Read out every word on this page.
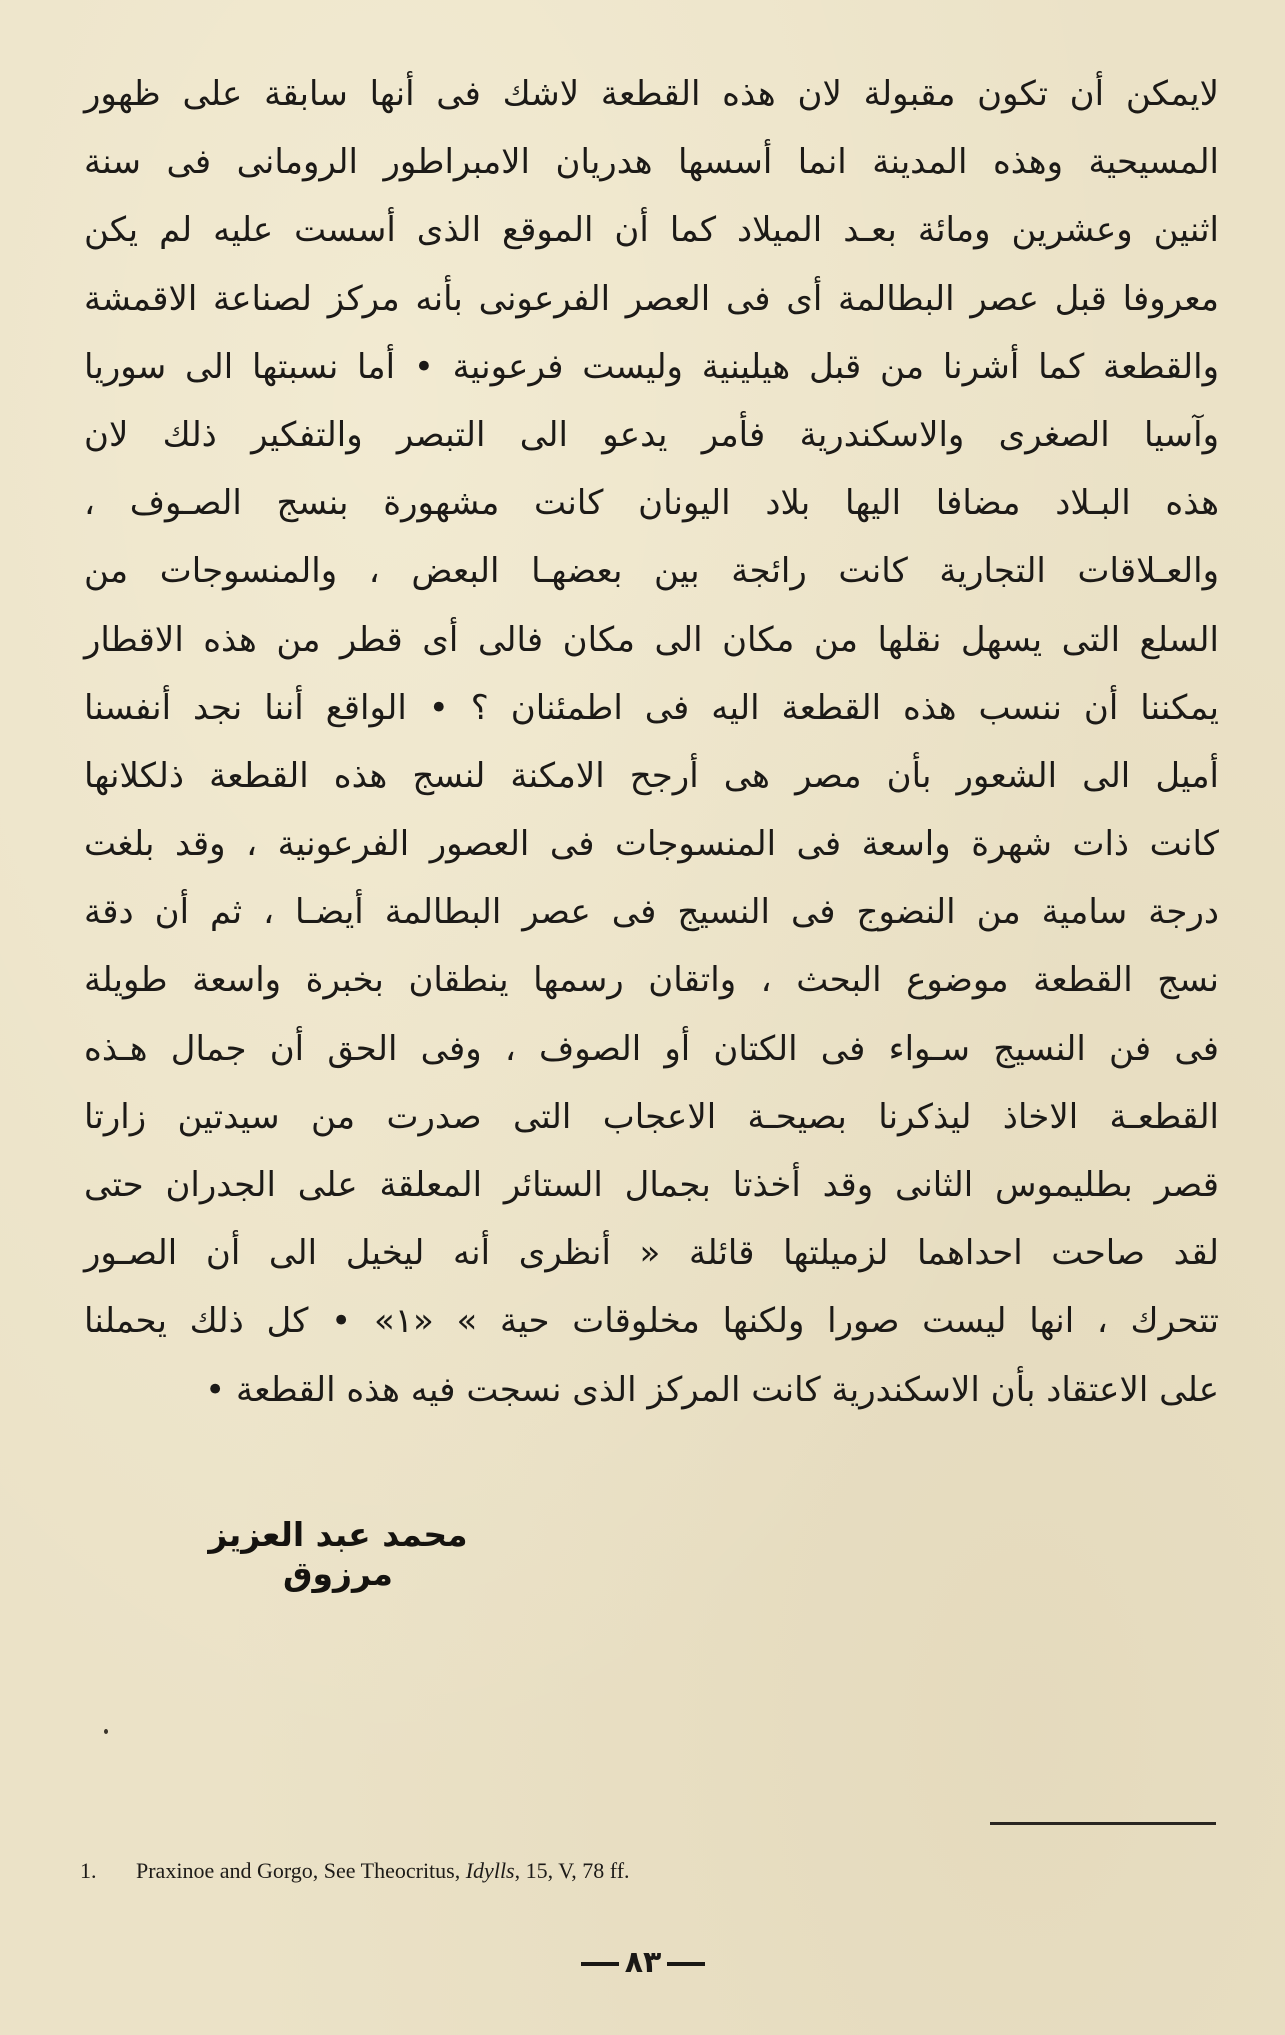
لايمكن أن تكون مقبولة لان هذه القطعة لاشك فى أنها سابقة على ظهور
المسيحية وهذه المدينة انما أسسها هدريان الامبراطور الرومانى فى سنة
اثنين وعشرين ومائة بعـد الميلاد كما أن الموقع الذى أسست عليه لم يكن
معروفا قبل عصر البطالمة أى فى العصر الفرعونى بأنه مركز لصناعة الاقمشة
والقطعة كما أشرنا من قبل هيلينية وليست فرعونية • أما نسبتها الى سوريا
وآسيا الصغرى والاسكندرية فأمر يدعو الى التبصر والتفكير ذلك لان
هذه البـلاد مضافا اليها بلاد اليونان كانت مشهورة بنسج الصـوف ،
والعـلاقات التجارية كانت رائجة بين بعضهـا البعض ، والمنسوجات من
السلع التى يسهل نقلها من مكان الى مكان فالى أى قطر من هذه الاقطار
يمكننا أن ننسب هذه القطعة اليه فى اطمئنان ؟ • الواقع أننا نجد أنفسنا
أميل الى الشعور بأن مصر هى أرجح الامكنة لنسج هذه القطعة ذلكلانها
كانت ذات شهرة واسعة فى المنسوجات فى العصور الفرعونية ، وقد بلغت
درجة سامية من النضوج فى النسيج فى عصر البطالمة أيضـا ، ثم أن دقة
نسج القطعة موضوع البحث ، واتقان رسمها ينطقان بخبرة واسعة طويلة
فى فن النسيج سـواء فى الكتان أو الصوف ، وفى الحق أن جمال هـذه
القطعـة الاخاذ ليذكرنا بصيحـة الاعجاب التى صدرت من سيدتين زارتا
قصر بطليموس الثانى وقد أخذتا بجمال الستائر المعلقة على الجدران حتى
لقد صاحت احداهما لزميلتها قائلة « أنظرى أنه ليخيل الى أن الصـور
تتحرك ، انها ليست صورا ولكنها مخلوقات حية » «١» • كل ذلك يحملنا
على الاعتقاد بأن الاسكندرية كانت المركز الذى نسجت فيه هذه القطعة •
محمد عبد العزيز مرزوق
1. Praxinoe and Gorgo, See Theocritus, Idylls, 15, V, 78 ff.
٨٣
